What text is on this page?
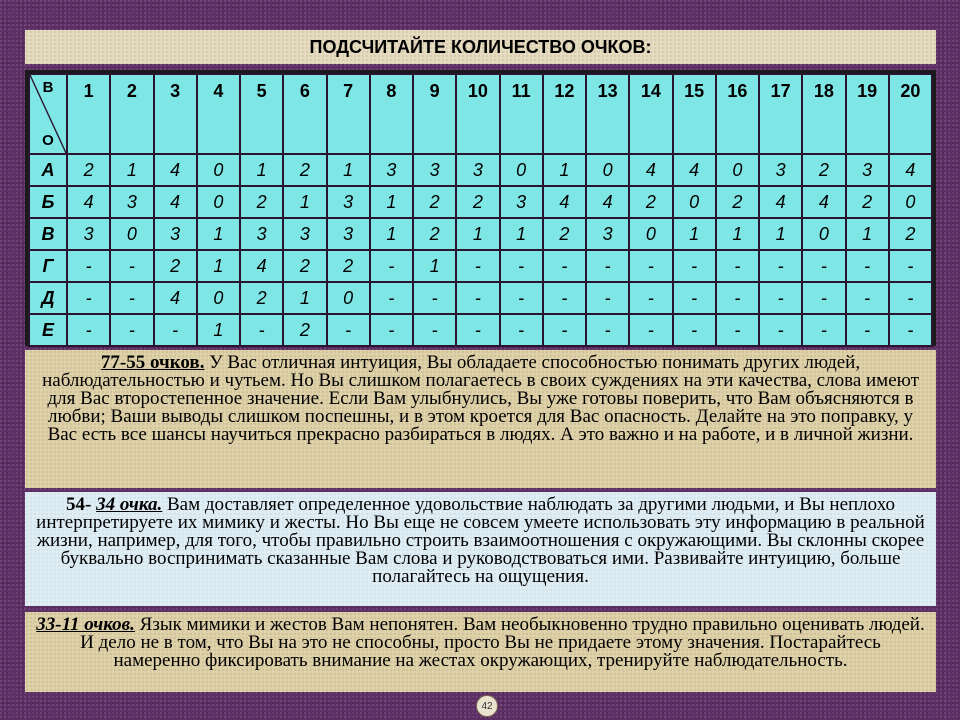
ПОДСЧИТАЙТЕ КОЛИЧЕСТВО ОЧКОВ:
В
О	1	2	3	4	5	6	7	8	9	10	11	12	13	14	15	16	17	18	19	20
А	2	1	4	0	1	2	1	3	3	3	0	1	0	4	4	0	3	2	3	4
Б	4	3	4	0	2	1	3	1	2	2	3	4	4	2	0	2	4	4	2	0
В	3	0	3	1	3	3	3	1	2	1	1	2	3	0	1	1	1	0	1	2
Г	-	-	2	1	4	2	2	-	1	-	-	-	-	-	-	-	-	-	-	-
Д	-	-	4	0	2	1	0	-	-	-	-	-	-	-	-	-	-	-	-	-
Е	-	-	-	1	-	2	-	-	-	-	-	-	-	-	-	-	-	-	-	-
77-55 очков. У Вас отличная интуиция, Вы обладаете способностью понимать других людей, наблюдательностью и чутьем. Но Вы слишком полагаетесь в своих суждениях на эти качества, слова имеют для Вас второстепенное значение. Если Вам улыбнулись, Вы уже готовы поверить, что Вам объясняются в любви; Ваши выводы слишком поспешны, и в этом кроется для Вас опасность. Делайте на это поправку, у Вас есть все шансы научиться прекрасно разбираться в людях. А это важно и на работе, и в личной жизни.
54- 34 очка. Вам доставляет определенное удовольствие наблюдать за другими людьми, и Вы неплохо интерпретируете их мимику и жесты. Но Вы еще не совсем умеете использовать эту информацию в реальной жизни, например, для того, чтобы правильно строить взаимоотношения с окружающими. Вы склонны скорее буквально воспринимать сказанные Вам слова и руководствоваться ими. Развивайте интуицию, больше полагайтесь на ощущения.
33-11 очков. Язык мимики и жестов Вам непонятен. Вам необыкновенно трудно правильно оценивать людей. И дело не в том, что Вы на это не способны, просто Вы не придаете этому значения. Постарайтесь намеренно фиксировать внимание на жестах окружающих, тренируйте наблюдательность.
42
